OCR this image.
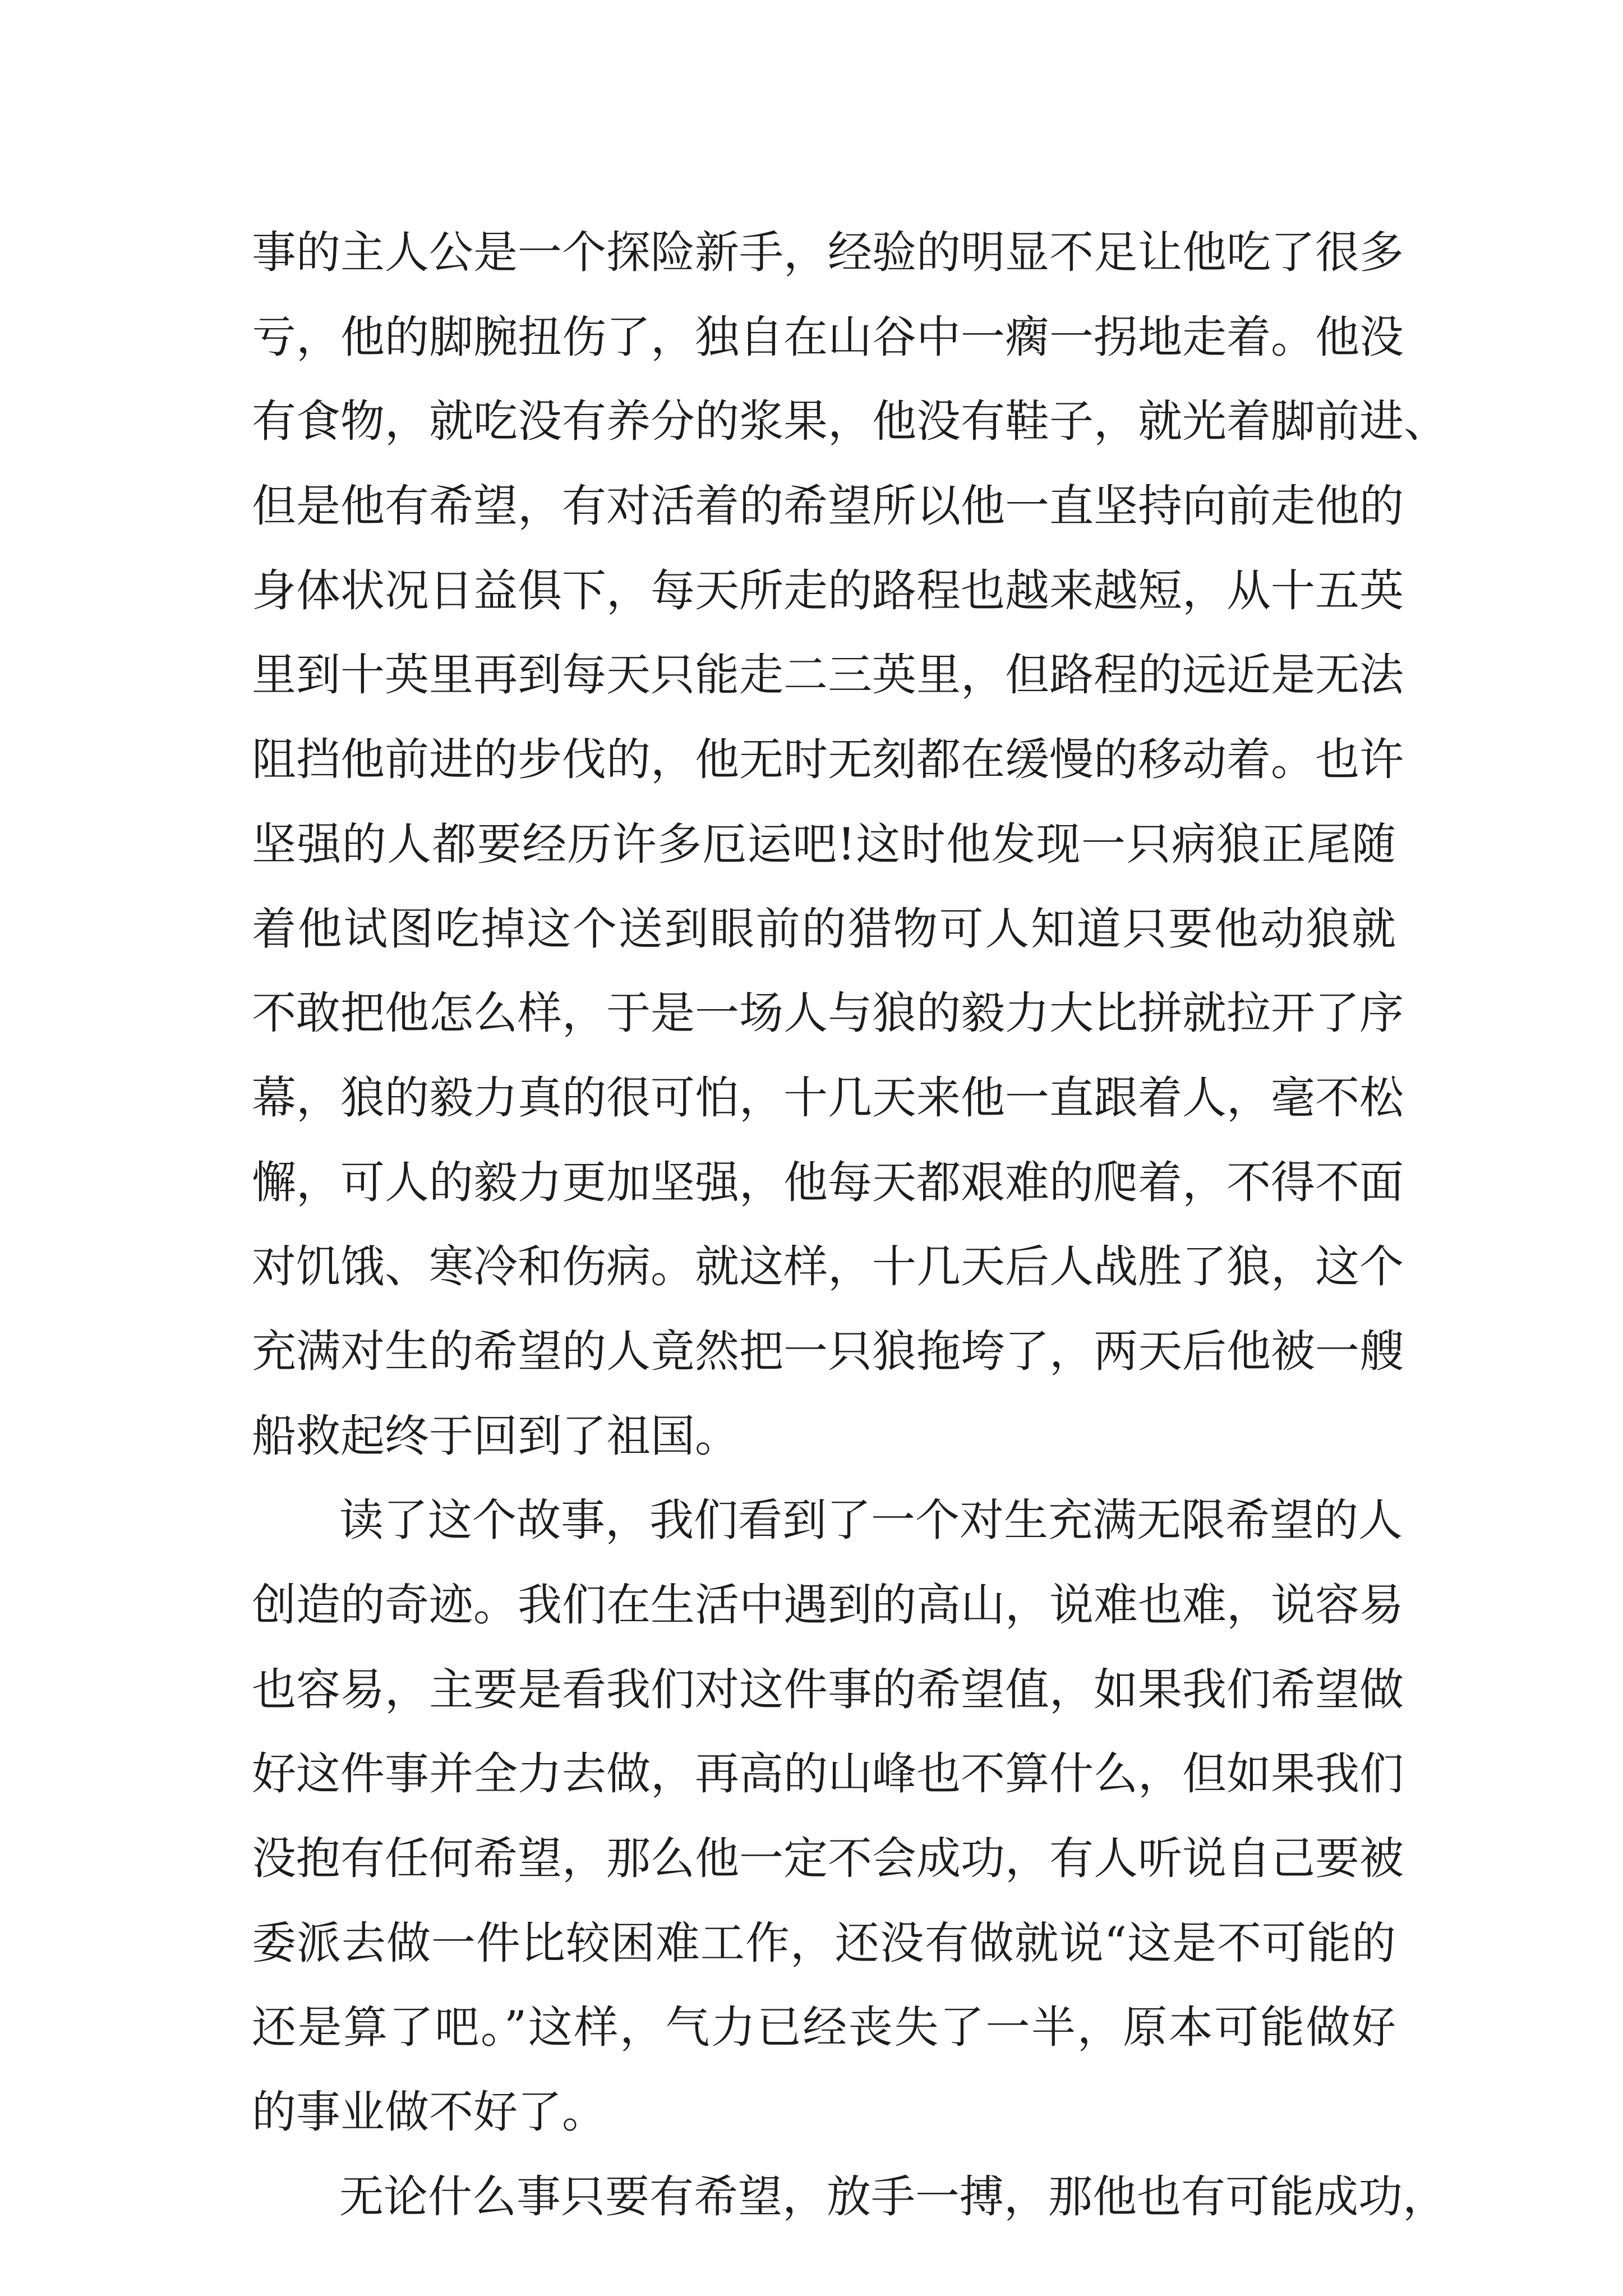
事的主人公是一个探险新手，经验的明显不足让他吃了很多
亏，他的脚腕扭伤了，独自在山谷中一瘸一拐地走着。他没
有食物，就吃没有养分的浆果，他没有鞋子，就光着脚前进、
但是他有希望，有对活着的希望所以他一直坚持向前走他的
身体状况日益俱下，每天所走的路程也越来越短，从十五英
里到十英里再到每天只能走二三英里，但路程的远近是无法
阻挡他前进的步伐的，他无时无刻都在缓慢的移动着。也许
坚强的人都要经历许多厄运吧!这时他发现一只病狼正尾随
着他试图吃掉这个送到眼前的猎物可人知道只要他动狼就
不敢把他怎么样，于是一场人与狼的毅力大比拼就拉开了序
幕，狼的毅力真的很可怕，十几天来他一直跟着人，毫不松
懈，可人的毅力更加坚强，他每天都艰难的爬着，不得不面
对饥饿、寒冷和伤病。就这样，十几天后人战胜了狼，这个
充满对生的希望的人竟然把一只狼拖垮了，两天后他被一艘
船救起终于回到了祖国。
读了这个故事，我们看到了一个对生充满无限希望的人
创造的奇迹。我们在生活中遇到的高山，说难也难，说容易
也容易，主要是看我们对这件事的希望值，如果我们希望做
好这件事并全力去做，再高的山峰也不算什么，但如果我们
没抱有任何希望，那么他一定不会成功，有人听说自己要被
委派去做一件比较困难工作，还没有做就说“这是不可能的
还是算了吧。”这样，气力已经丧失了一半，原本可能做好
的事业做不好了。
无论什么事只要有希望，放手一搏，那他也有可能成功，
